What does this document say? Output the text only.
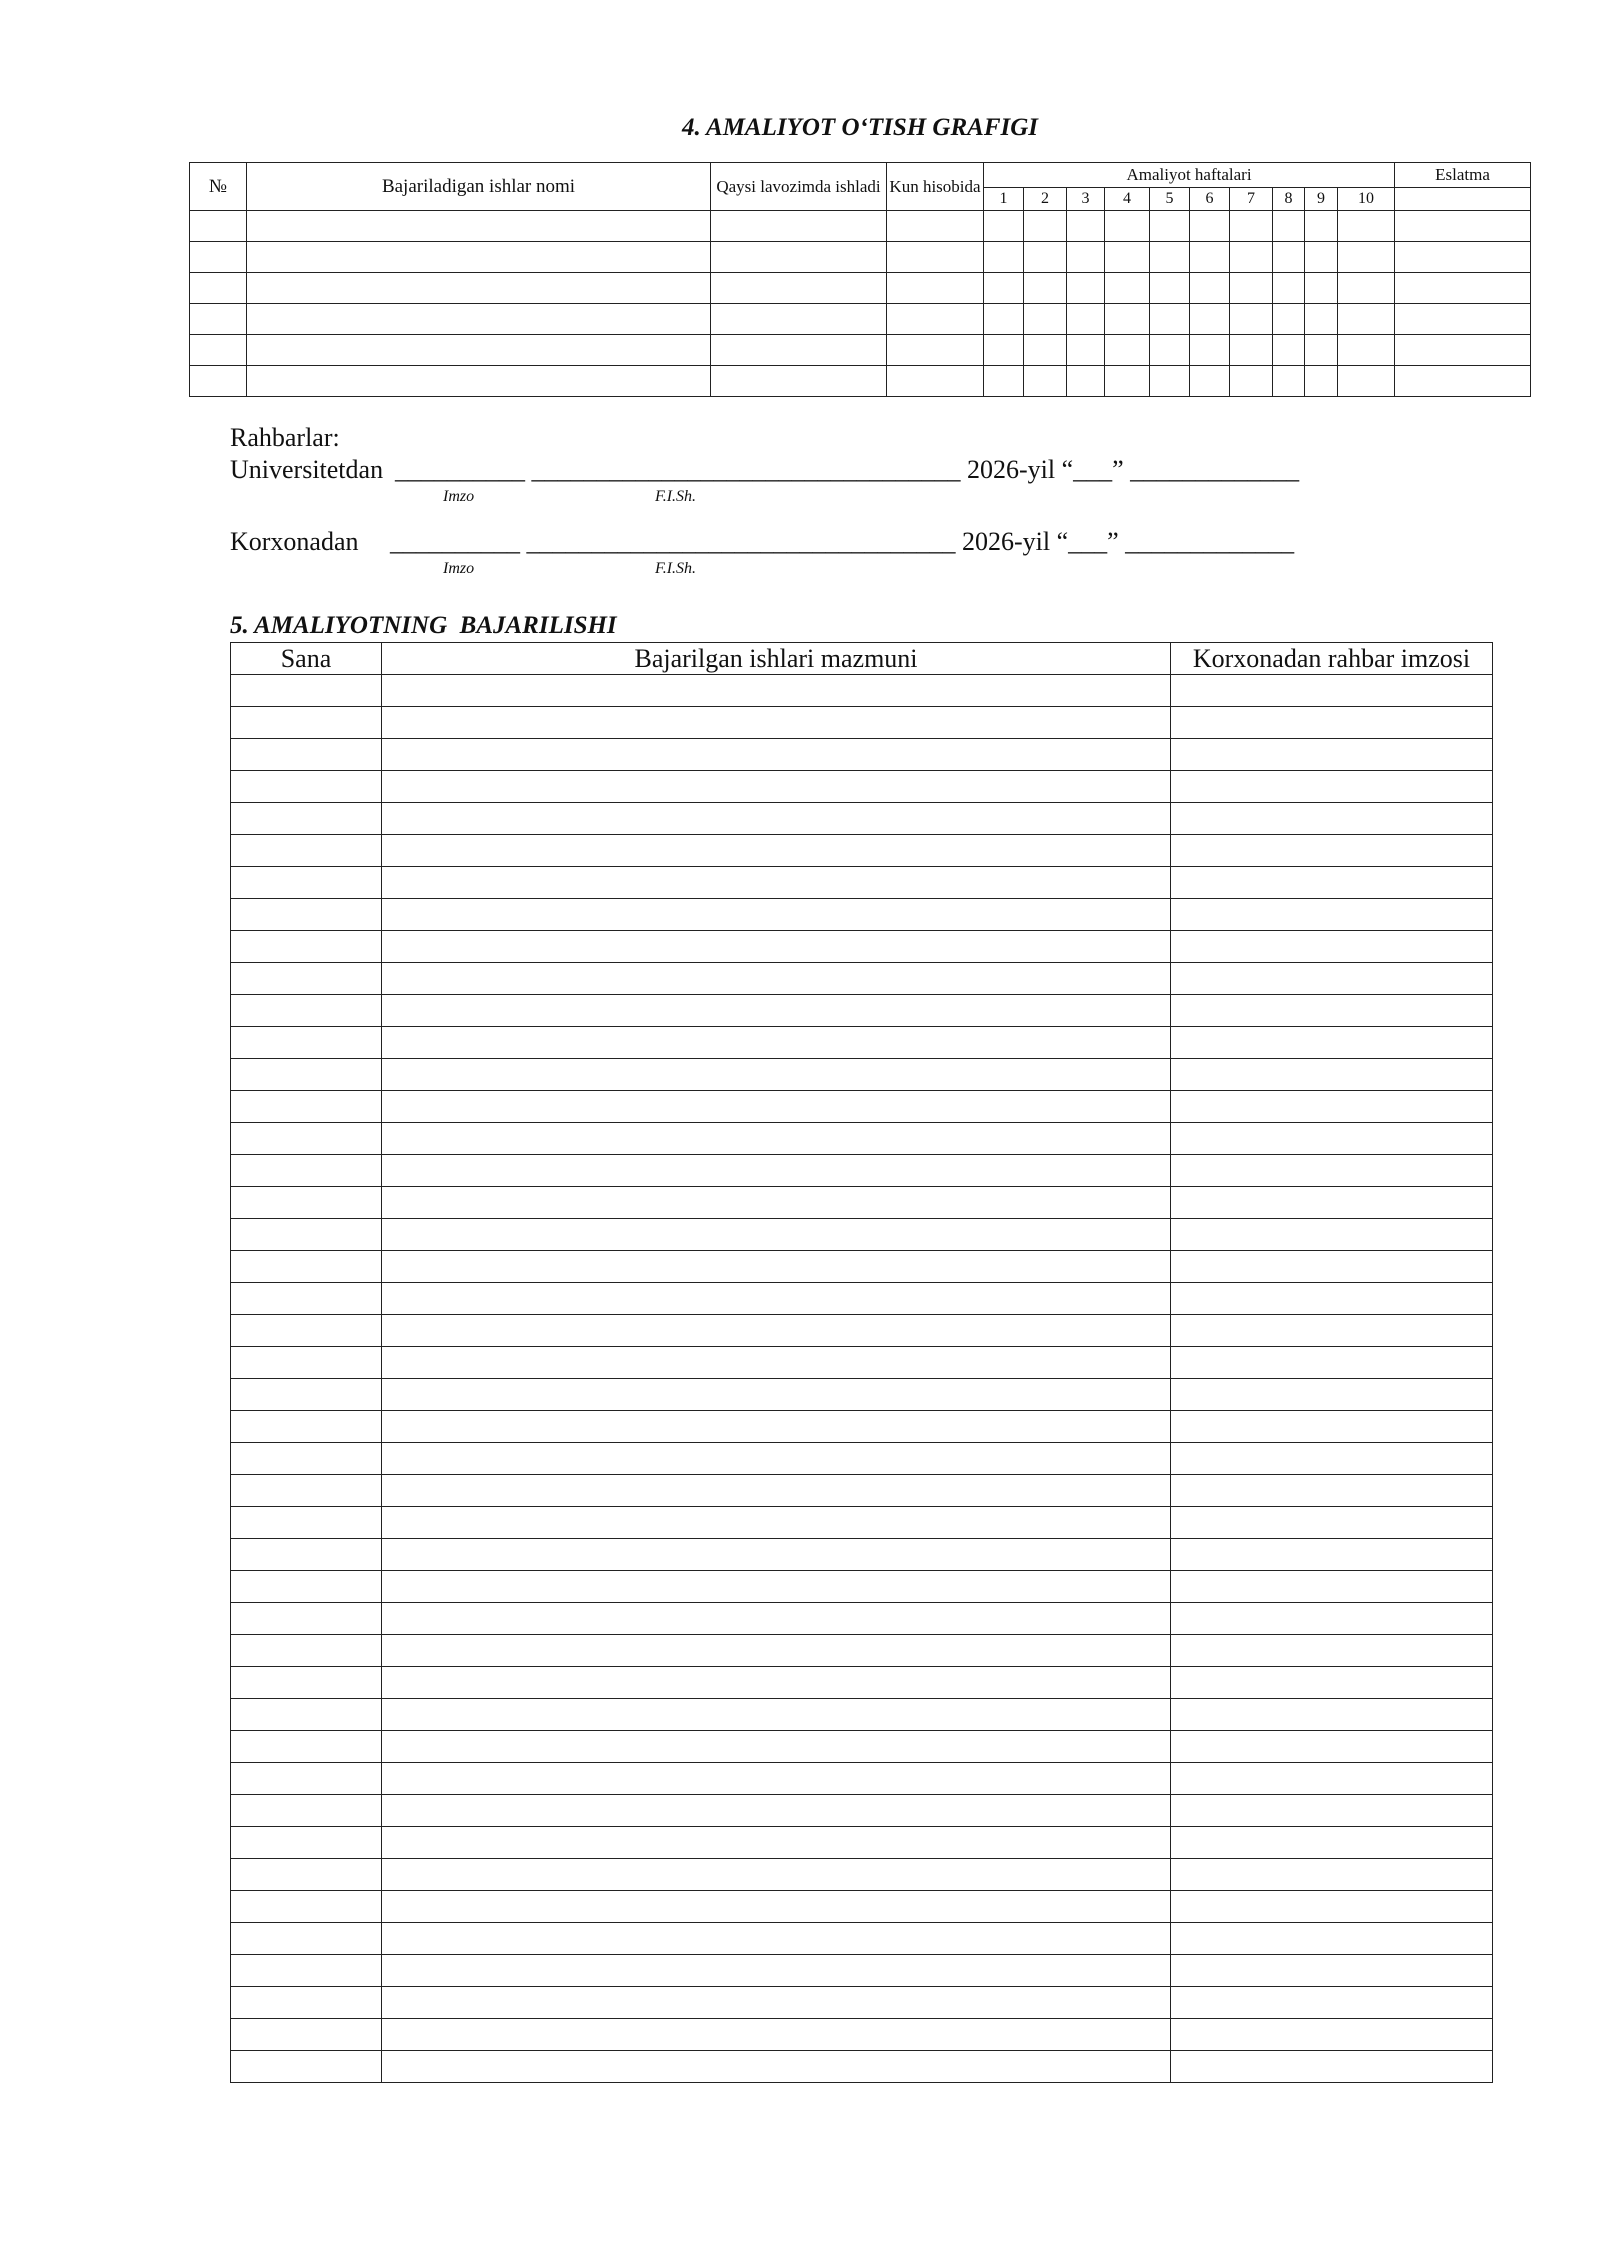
4. AMALIYOT O‘TISH GRAFIGI
№	Bajariladigan ishlar nomi	Qaysi lavozimda ishladi	Kun hisobida	Amaliyot haftalari										Eslatma
				1	2	3	4	5	6	7	8	9	10	

Rahbarlar:
Universitetdan __________ _________________________________ 2026-yil “___” _____________
Imzo	F.I.Sh.
Korxonadan __________ _________________________________ 2026-yil “___” _____________
Imzo	F.I.Sh.
5. AMALIYOTNING  BAJARILISHI
Sana	Bajarilgan ishlari mazmuni	Korxonadan rahbar imzosi
